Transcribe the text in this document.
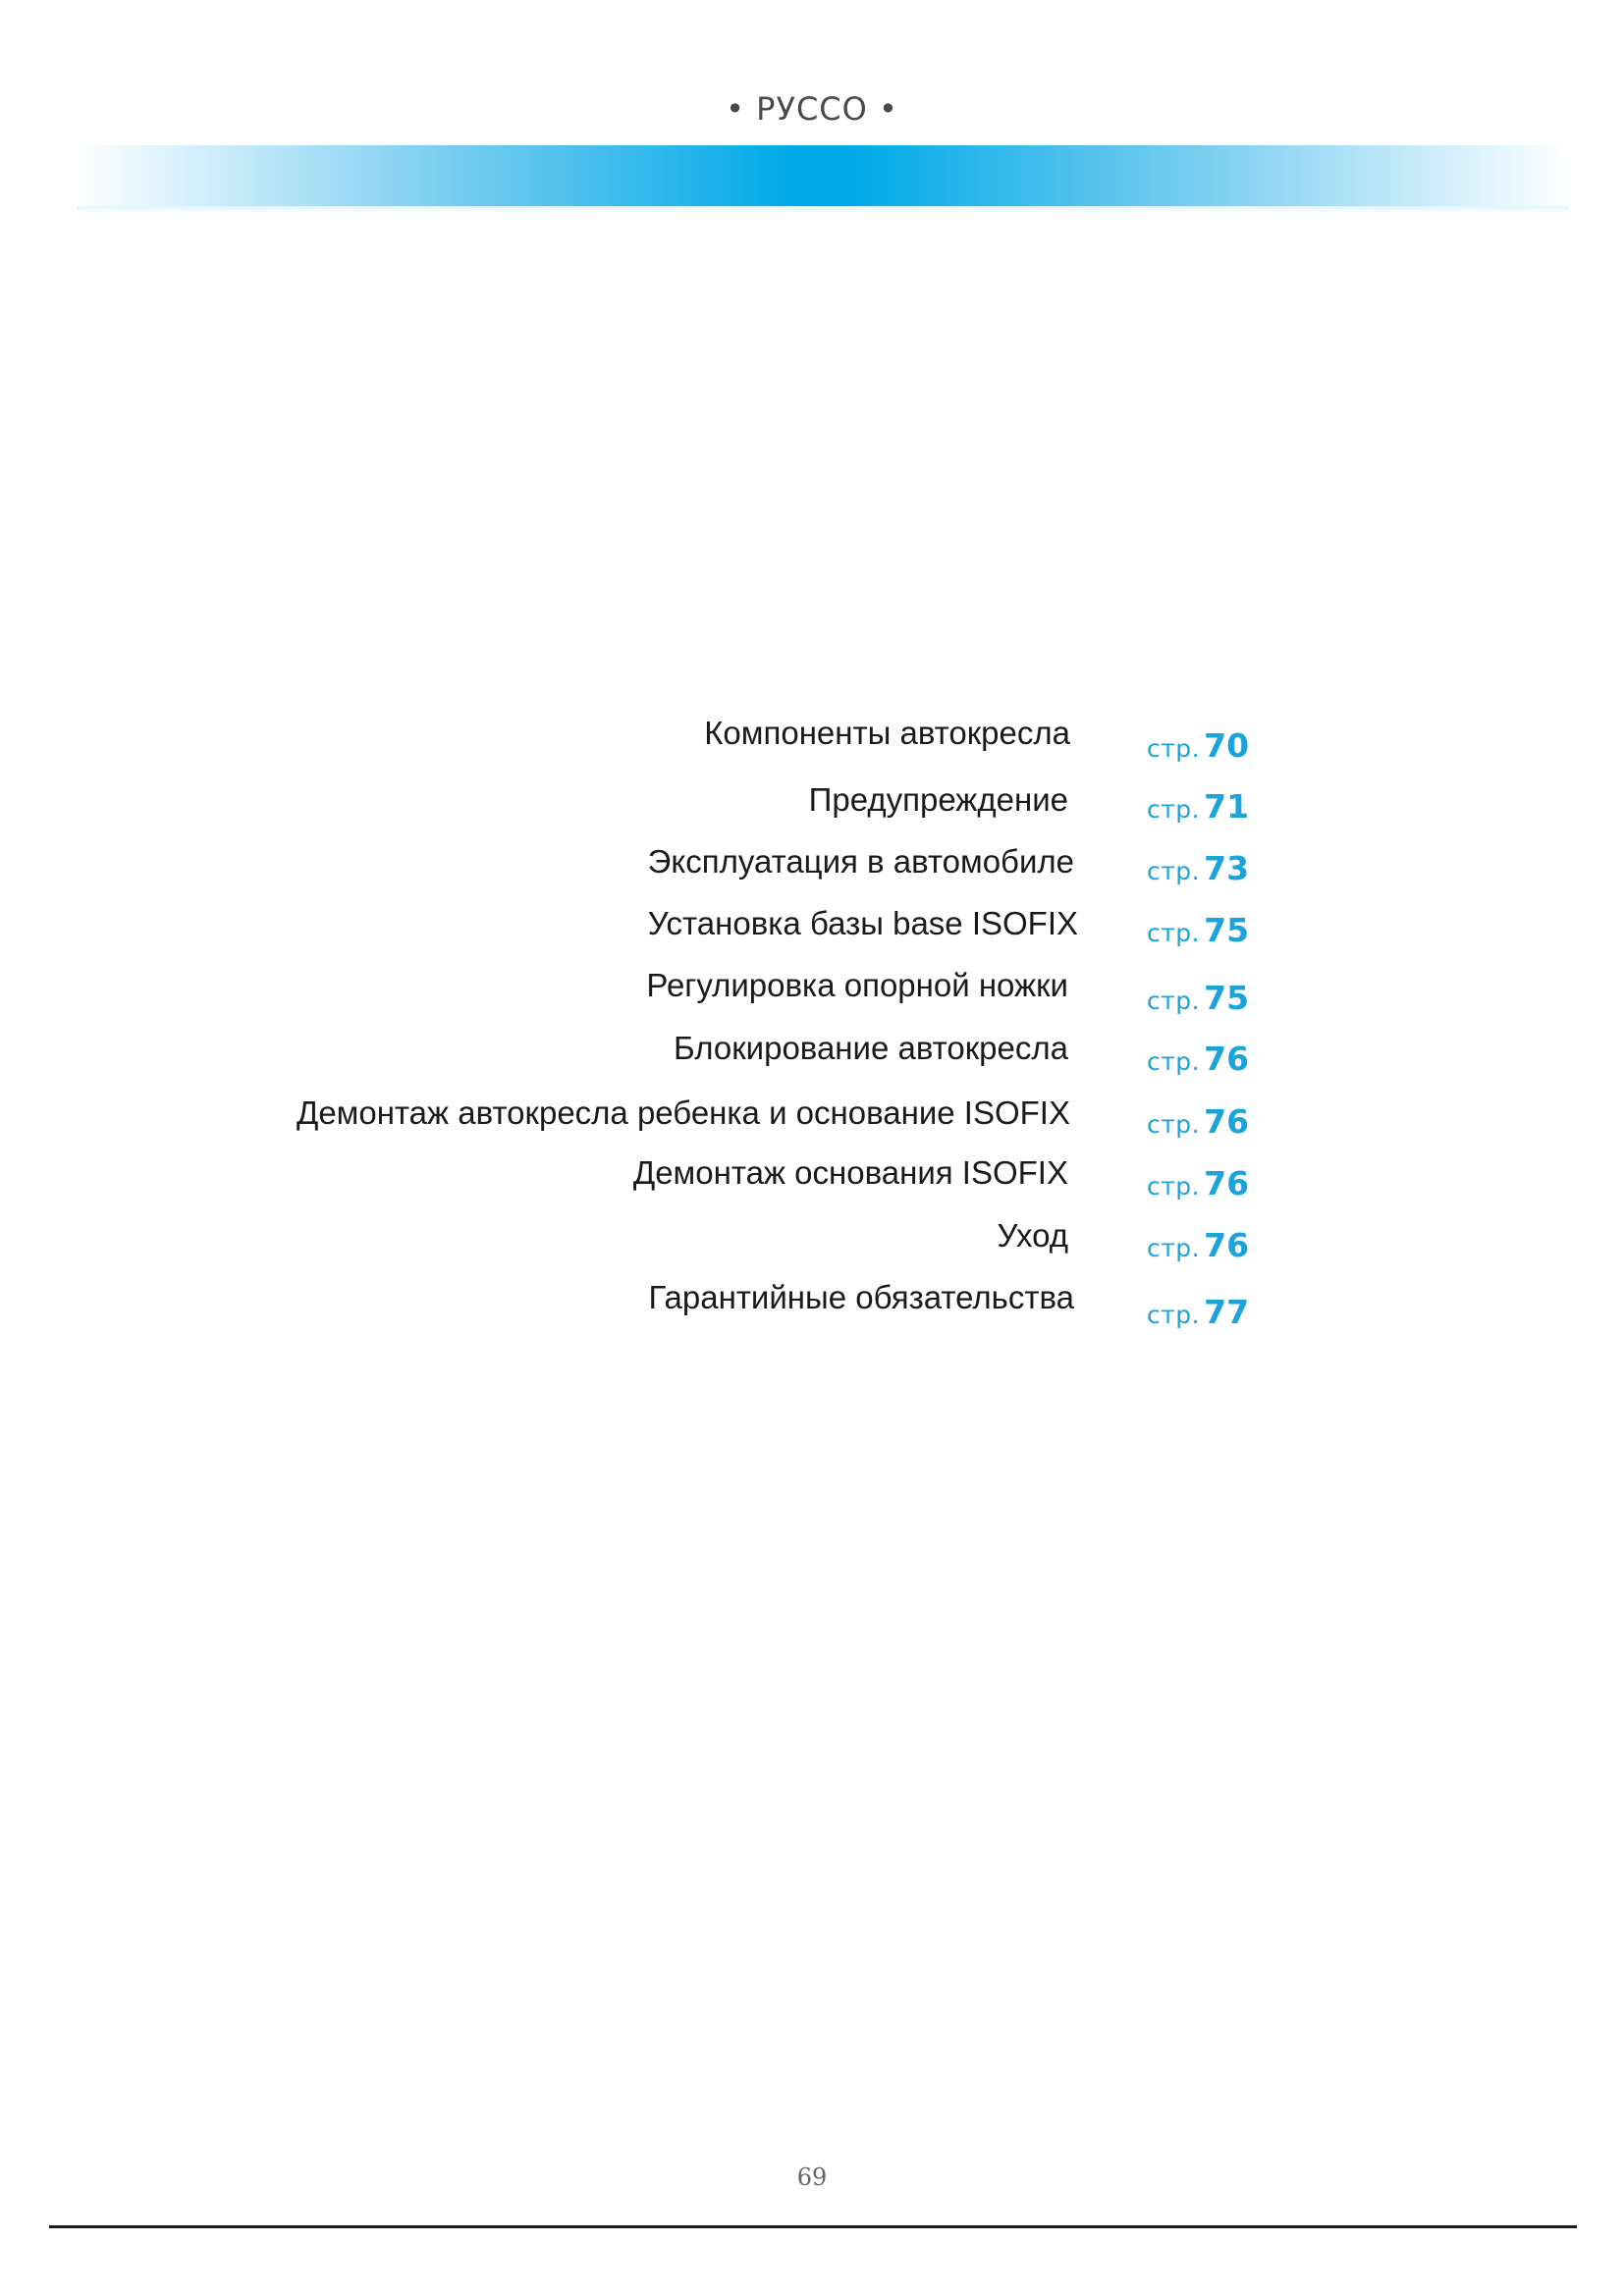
• РУССО •
Компоненты автокресла	стр. 70
Предупреждение	стр. 71
Эксплуатация в автомобиле	стр. 73
Установка базы base ISOFIX	стр. 75
Регулировка опорной ножки	стр. 75
Блокирование автокресла	стр. 76
Демонтаж автокресла ребенка и основание ISOFIX	стр. 76
Демонтаж основания ISOFIX	стр. 76
Уход	стр. 76
Гарантийные обязательства	стр. 77
69
